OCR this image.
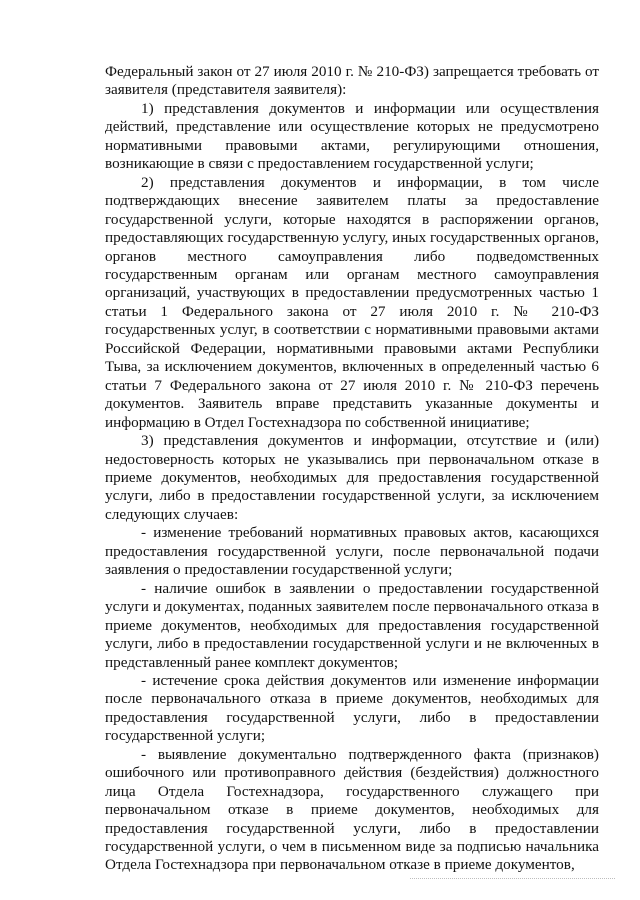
Федеральный закон от 27 июля 2010 г. № 210-ФЗ) запрещается требовать от заявителя (представителя заявителя):

1) представления документов и информации или осуществления действий, представление или осуществление которых не предусмотрено нормативными правовыми актами, регулирующими отношения, возникающие в связи с предоставлением государственной услуги;

2) представления документов и информации, в том числе подтверждающих внесение заявителем платы за предоставление государственной услуги, которые находятся в распоряжении органов, предоставляющих государственную услугу, иных государственных органов, органов местного самоуправления либо подведомственных государственным органам или органам местного самоуправления организаций, участвующих в предоставлении предусмотренных частью 1 статьи 1 Федерального закона от 27 июля 2010 г. № 210-ФЗ государственных услуг, в соответствии с нормативными правовыми актами Российской Федерации, нормативными правовыми актами Республики Тыва, за исключением документов, включенных в определенный частью 6 статьи 7 Федерального закона от 27 июля 2010 г. № 210-ФЗ перечень документов. Заявитель вправе представить указанные документы и информацию в Отдел Гостехнадзора по собственной инициативе;

3) представления документов и информации, отсутствие и (или) недостоверность которых не указывались при первоначальном отказе в приеме документов, необходимых для предоставления государственной услуги, либо в предоставлении государственной услуги, за исключением следующих случаев:

- изменение требований нормативных правовых актов, касающихся предоставления государственной услуги, после первоначальной подачи заявления о предоставлении государственной услуги;

- наличие ошибок в заявлении о предоставлении государственной услуги и документах, поданных заявителем после первоначального отказа в приеме документов, необходимых для предоставления государственной услуги, либо в предоставлении государственной услуги и не включенных в представленный ранее комплект документов;

- истечение срока действия документов или изменение информации после первоначального отказа в приеме документов, необходимых для предоставления государственной услуги, либо в предоставлении государственной услуги;

- выявление документально подтвержденного факта (признаков) ошибочного или противоправного действия (бездействия) должностного лица Отдела Гостехнадзора, государственного служащего при первоначальном отказе в приеме документов, необходимых для предоставления государственной услуги, либо в предоставлении государственной услуги, о чем в письменном виде за подписью начальника Отдела Гостехнадзора при первоначальном отказе в приеме документов,
